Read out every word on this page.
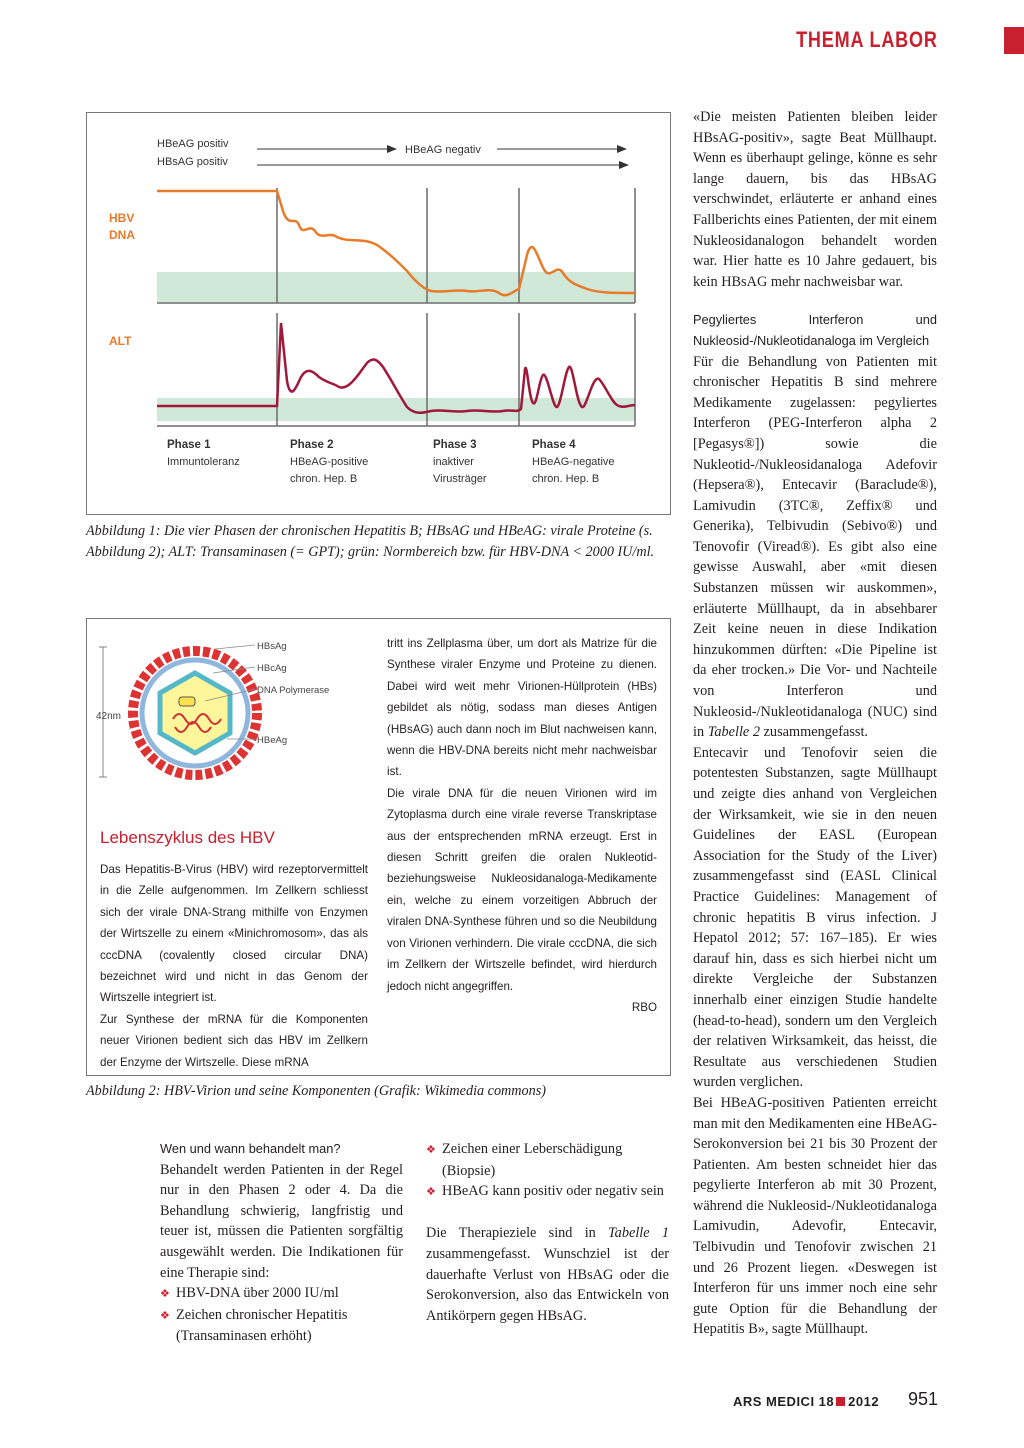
THEMA LABOR
HBeAG positiv
HBsAG positiv
HBeAG negativ
HBV
DNA
ALT
Phase 1
Immuntoleranz
Phase 2
HBeAG-positive
chron. Hep. B
Phase 3
inaktiver
Virusträger
Phase 4
HBeAG-negative
chron. Hep. B
Abbildung 1: Die vier Phasen der chronischen Hepatitis B; HBsAG und HBeAG: virale Proteine (s. Abbildung 2); ALT: Transaminasen (= GPT); grün: Normbereich bzw. für HBV-DNA < 2000 IU/ml.
42nm
HBsAg
HBcAg
DNA Polymerase
HBeAg
Lebenszyklus des HBV

Das Hepatitis-B-Virus (HBV) wird rezeptorvermittelt in die Zelle aufgenommen. Im Zellkern schliesst sich der virale DNA-Strang mithilfe von Enzymen der Wirtszelle zu einem «Minichromosom», das als cccDNA (covalently closed circular DNA) bezeichnet wird und nicht in das Genom der Wirtszelle integriert ist.

Zur Synthese der mRNA für die Komponenten neuer Virionen bedient sich das HBV im Zellkern der Enzyme der Wirtszelle. Diese mRNA

tritt ins Zellplasma über, um dort als Matrize für die Synthese viraler Enzyme und Proteine zu dienen. Dabei wird weit mehr Virionen-Hüllprotein (HBs) gebildet als nötig, sodass man dieses Antigen (HBsAG) auch dann noch im Blut nachweisen kann, wenn die HBV-DNA bereits nicht mehr nachweisbar ist.

Die virale DNA für die neuen Virionen wird im Zytoplasma durch eine virale reverse Transkriptase aus der entsprechenden mRNA erzeugt. Erst in diesen Schritt greifen die oralen Nukleotid- beziehungsweise Nukleosidanaloga-Medikamente ein, welche zu einem vorzeitigen Abbruch der viralen DNA-Synthese führen und so die Neubildung von Virionen verhindern. Die virale cccDNA, die sich im Zellkern der Wirtszelle befindet, wird hierdurch jedoch nicht angegriffen.

RBO

Abbildung 2: HBV-Virion und seine Komponenten (Grafik: Wikimedia commons)
Wen und wann behandelt man?

Behandelt werden Patienten in der Regel nur in den Phasen 2 oder 4. Da die Behandlung schwierig, langfristig und teuer ist, müssen die Patienten sorgfältig ausgewählt werden. Die Indikationen für eine Therapie sind:

❖ HBV-DNA über 2000 IU/ml
❖ Zeichen chronischer Hepatitis (Transaminasen erhöht)
❖ Zeichen einer Leberschädigung (Biopsie)
❖ HBeAG kann positiv oder negativ sein

Die Therapieziele sind in Tabelle 1 zusammengefasst. Wunschziel ist der dauerhafte Verlust von HBsAG oder die Serokonversion, also das Entwickeln von Antikörpern gegen HBsAG.

«Die meisten Patienten bleiben leider HBsAG-positiv», sagte Beat Müllhaupt. Wenn es überhaupt gelinge, könne es sehr lange dauern, bis das HBsAG verschwindet, erläuterte er anhand eines Fallberichts eines Patienten, der mit einem Nukleosidanalogon behandelt worden war. Hier hatte es 10 Jahre gedauert, bis kein HBsAG mehr nachweisbar war.

Pegyliertes Interferon und Nukleosid-/Nukleotidanaloga im Vergleich

Für die Behandlung von Patienten mit chronischer Hepatitis B sind mehrere Medikamente zugelassen: pegyliertes Interferon (PEG-Interferon alpha 2 [Pegasys®]) sowie die Nukleotid-/Nukleosidanaloga Adefovir (Hepsera®), Entecavir (Baraclude®), Lamivudin (3TC®, Zeffix® und Generika), Telbivudin (Sebivo®) und Tenovofir (Viread®). Es gibt also eine gewisse Auswahl, aber «mit diesen Substanzen müssen wir auskommen», erläuterte Müllhaupt, da in absehbarer Zeit keine neuen in diese Indikation hinzukommen dürften: «Die Pipeline ist da eher trocken.» Die Vor- und Nachteile von Interferon und Nukleosid-/Nukleotidanaloga (NUC) sind in Tabelle 2 zusammengefasst.

Entecavir und Tenofovir seien die potentesten Substanzen, sagte Müllhaupt und zeigte dies anhand von Vergleichen der Wirksamkeit, wie sie in den neuen Guidelines der EASL (European Association for the Study of the Liver) zusammengefasst sind (EASL Clinical Practice Guidelines: Management of chronic hepatitis B virus infection. J Hepatol 2012; 57: 167–185). Er wies darauf hin, dass es sich hierbei nicht um direkte Vergleiche der Substanzen innerhalb einer einzigen Studie handelte (head-to-head), sondern um den Vergleich der relativen Wirksamkeit, das heisst, die Resultate aus verschiedenen Studien wurden verglichen.

Bei HBeAG-positiven Patienten erreicht man mit den Medikamenten eine HBeAG-Serokonversion bei 21 bis 30 Prozent der Patienten. Am besten schneidet hier das pegylierte Interferon ab mit 30 Prozent, während die Nukleosid-/Nukleotidanaloga Lamivudin, Adevofir, Entecavir, Telbivudin und Tenofovir zwischen 21 und 26 Prozent liegen. «Deswegen ist Interferon für uns immer noch eine sehr gute Option für die Behandlung der Hepatitis B», sagte Müllhaupt.

ARS MEDICI 18 2012 951
